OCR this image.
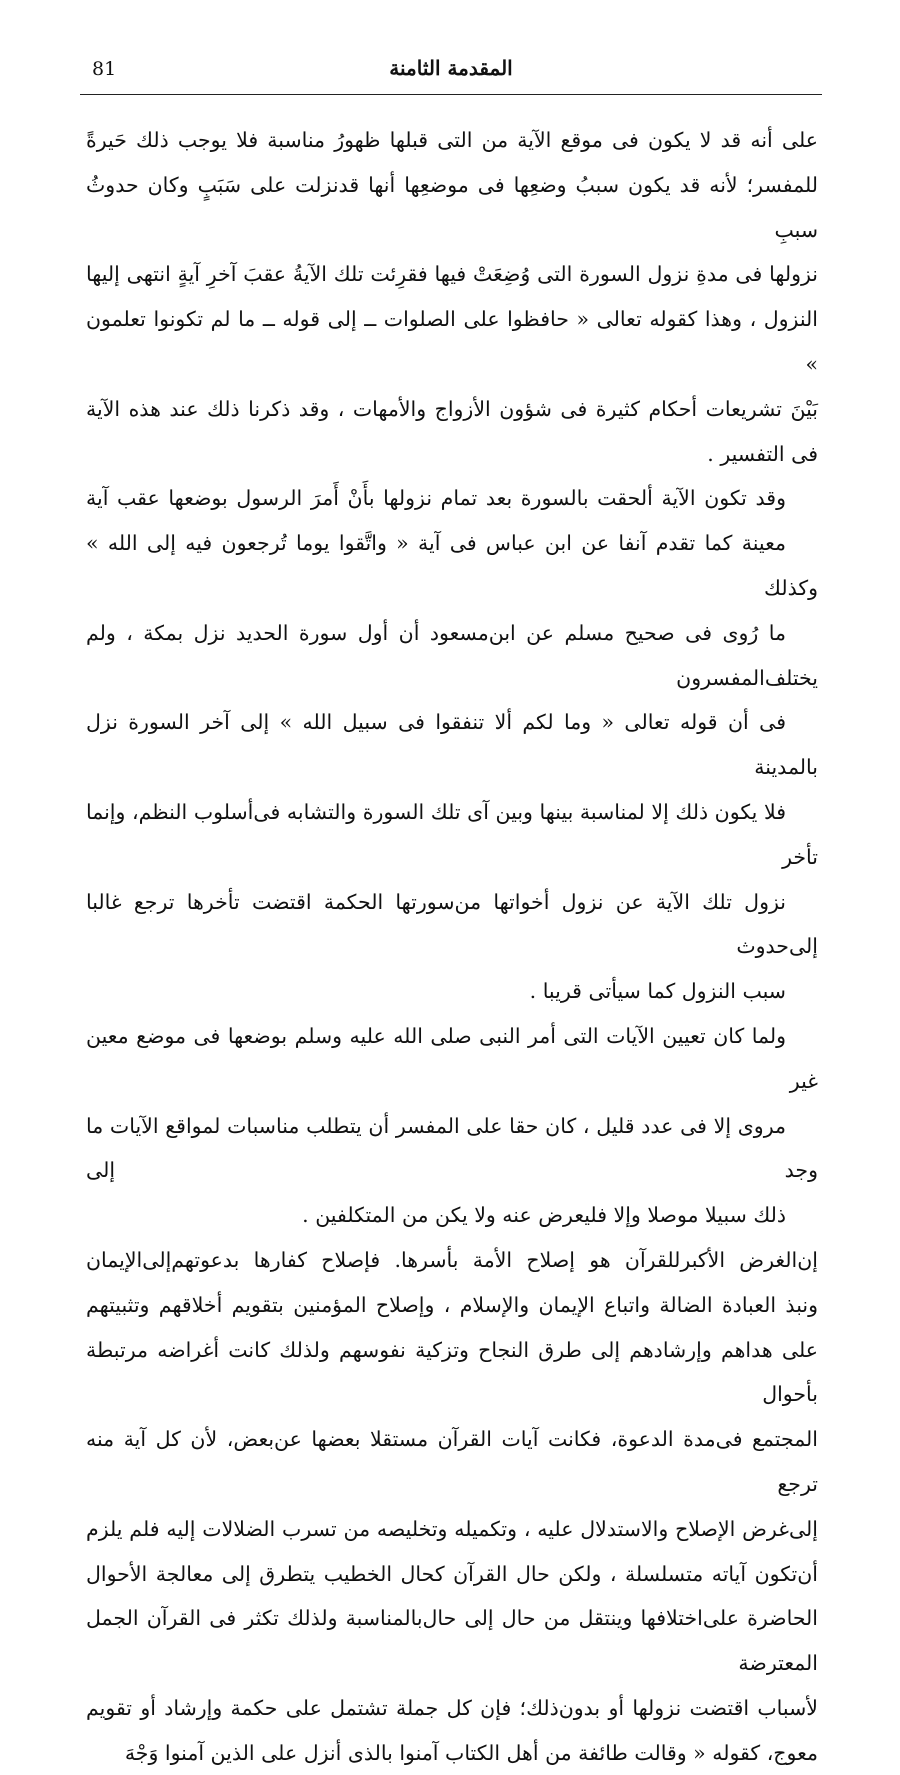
81	المقدمة الثامنة

على أنه قد لا يكون فى موقع الآية من التى قبلها ظهورُ مناسبة فلا يوجب ذلك حَيرةً
للمفسر؛ لأنه قد يكون سببُ وضعِها فى موضعِها أنها قدنزلت على سَبَبٍ وكان حدوثُ سببِ
نزولها فى مدةِ نزول السورة التى وُضِعَتْ فيها فقرِئت تلك الآيةُ عقبَ آخرِ آيةٍ انتهى إليها
النزول ، وهذا كقوله تعالى « حافظوا على الصلوات ــ إلى قوله ــ ما لم تكونوا تعلمون »
بَيْنَ تشريعات أحكام كثيرة فى شؤون الأزواج والأمهات ، وقد ذكرنا ذلك عند هذه الآية
فى التفسير .

وقد تكون الآية ألحقت بالسورة بعد تمام نزولها بأَنْ أَمرَ الرسول بوضعها عقب آية
معينة كما تقدم آنفا عن ابن عباس فى آية « واتَّقوا يوما تُرجعون فيه إلى الله » وكذلك
ما رُوى فى صحيح مسلم عن ابن‌مسعود أن أول سورة الحديد نزل بمكة ، ولم يختلف‌المفسرون
فى أن قوله تعالى « وما لكم ألا تنفقوا فى سبيل الله » إلى آخر السورة نزل بالمدينة
فلا يكون ذلك إلا لمناسبة بينها وبين آى تلك السورة والتشابه فى‌أسلوب النظم، وإنما تأخر
نزول تلك الآية عن نزول أخواتها من‌سورتها الحكمة اقتضت تأخرها ترجع غالبا إلى‌حدوث
سبب النزول كما سيأتى قريبا .

ولما كان تعيين الآيات التى أمر النبى صلى الله عليه وسلم بوضعها فى موضع معين غير
مروى إلا فى عدد قليل ، كان حقا على المفسر أن يتطلب مناسبات لمواقع الآيات ما وجد إلى
ذلك سبيلا موصلا وإلا فليعرض عنه ولا يكن من المتكلفين .

إن‌الغرض الأكبر‌للقرآن هو إصلاح الأمة بأسرها. فإصلاح كفارها بدعوتهم‌إلى‌الإيمان
ونبذ العبادة الضالة واتباع الإيمان والإسلام ، وإصلاح المؤمنين بتقويم أخلاقهم وتثبيتهم
على هداهم وإرشادهم إلى طرق النجاح وتزكية نفوسهم ولذلك كانت أغراضه مرتبطة بأحوال
المجتمع فى‌مدة الدعوة، فكانت آيات القرآن مستقلا بعضها عن‌بعض، لأن كل آية منه ترجع
إلى‌غرض الإصلاح والاستدلال عليه ، وتكميله وتخليصه من تسرب الضلالات إليه فلم يلزم
أن‌تكون آياته متسلسلة ، ولكن حال القرآن كحال الخطيب يتطرق إلى معالجة الأحوال
الحاضرة على‌اختلافها وينتقل من حال إلى حال‌بالمناسبة ولذلك تكثر فى القرآن الجمل المعترضة
لأسباب اقتضت نزولها أو بدون‌ذلك؛ فإن كل جملة تشتمل على حكمة وإرشاد أو تقويم
معوج، كقوله « وقالت طائفة من أهل الكتاب آمنوا بالذى أنزل على الذين آمنوا وَجْهَ
